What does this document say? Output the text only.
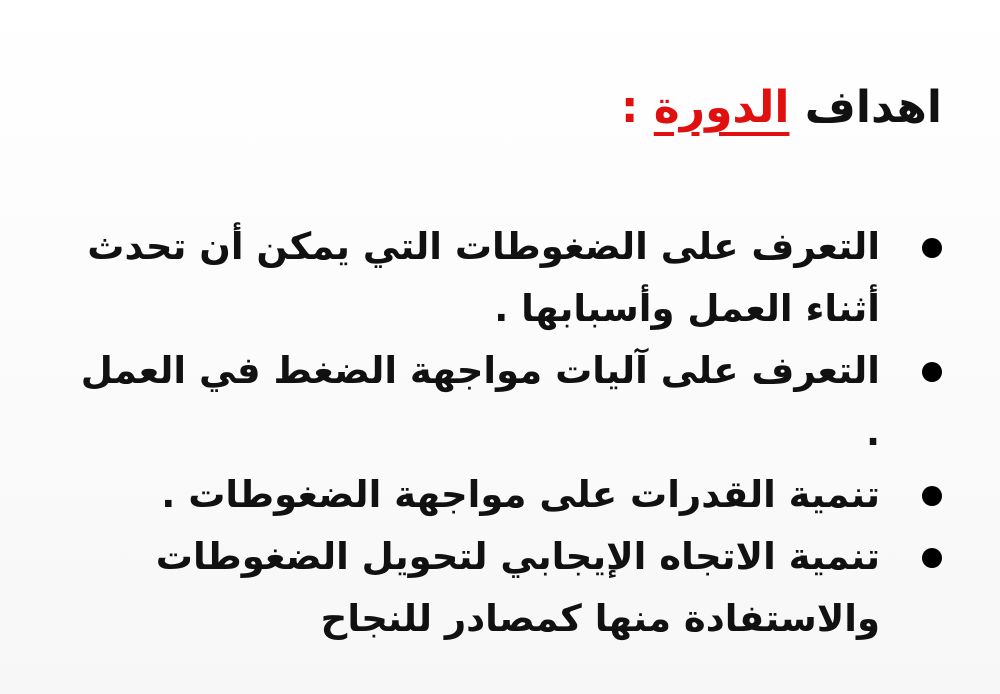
اهداف الدورة :
التعرف على الضغوطات التي يمكن أن تحدث
أثناء العمل وأسبابها .
التعرف على آليات مواجهة الضغط في العمل
.
تنمية القدرات على مواجهة الضغوطات .
تنمية الاتجاه الإيجابي لتحويل الضغوطات
والاستفادة منها كمصادر للنجاح
